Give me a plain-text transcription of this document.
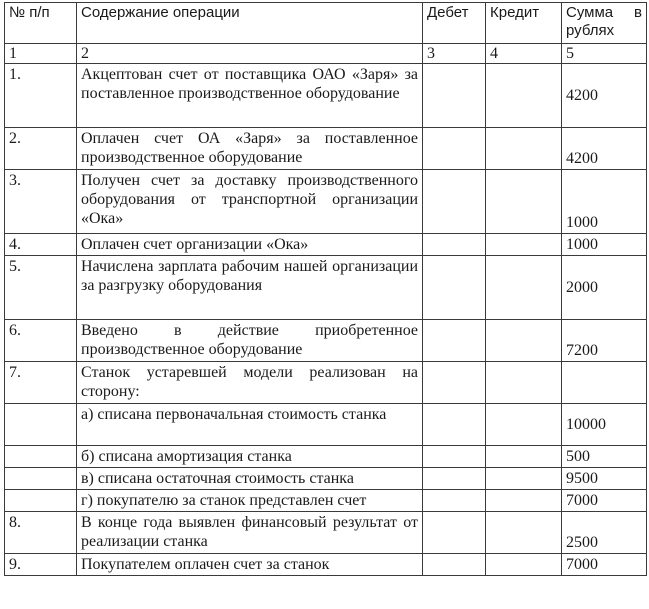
№ п/п	Содержание операции	Дебет	Кредит	Сумма в рублях
1	2	3	4	5
1.	Акцептован счет от поставщика ОАО «Заря» за поставленное производственное оборудование			4200
2.	Оплачен счет ОА «Заря» за поставленное производственное оборудование			4200
3.	Получен счет за доставку производственного оборудования от транспортной организации «Ока»			1000
4.	Оплачен счет организации «Ока»			1000
5.	Начислена зарплата рабочим нашей организации за разгрузку оборудования			2000
6.	Введено в действие приобретенное производственное оборудование			7200
7.	Станок устаревшей модели реализован на сторону:			
	а) списана первоначальная стоимость станка			10000
	б) списана амортизация станка			500
	в) списана остаточная стоимость станка			9500
	г) покупателю за станок представлен счет			7000
8.	В конце года выявлен финансовый результат от реализации станка			2500
9.	Покупателем оплачен счет за станок			7000
